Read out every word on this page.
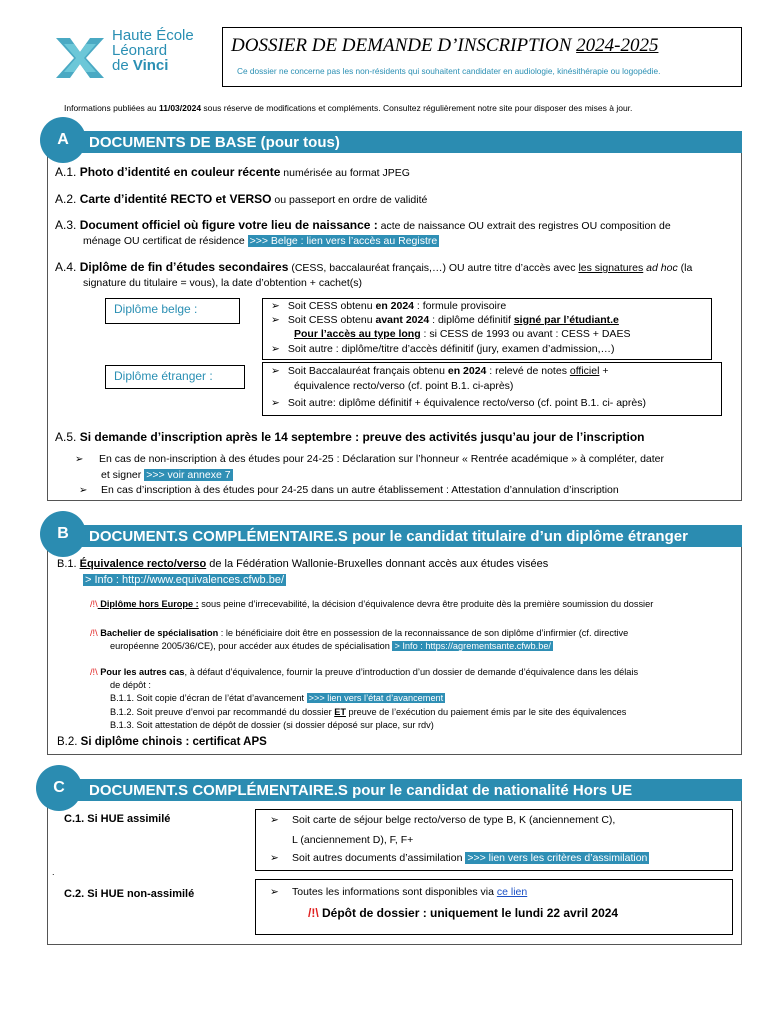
Haute École
Léonard
de Vinci
DOSSIER DE DEMANDE D’INSCRIPTION 2024-2025
Ce dossier ne concerne pas les non-résidents qui souhaitent candidater en audiologie, kinésithérapie ou logopédie.
Informations publiées au 11/03/2024 sous réserve de modifications et compléments. Consultez régulièrement notre site pour disposer des mises à jour.
DOCUMENTS DE BASE (pour tous)
A
A.1. Photo d’identité en couleur récente numérisée au format JPEG
A.2. Carte d’identité RECTO et VERSO ou passeport en ordre de validité
A.3. Document officiel où figure votre lieu de naissance : acte de naissance OU extrait des registres OU composition de
ménage OU certificat de résidence >>> Belge : lien vers l’accès au Registre
A.4. Diplôme de fin d’études secondaires (CESS, baccalauréat français,…) OU autre titre d’accès avec les signatures ad hoc (la
signature du titulaire = vous), la date d’obtention + cachet(s)
Diplôme belge :	➢ Soit CESS obtenu en 2024 : formule provisoire
➢ Soit CESS obtenu avant 2024 : diplôme définitif signé par l’étudiant.e
Pour l’accès au type long : si CESS de 1993 ou avant : CESS + DAES
➢ Soit autre : diplôme/titre d’accès définitif (jury, examen d’admission,…)
Diplôme étranger :	➢ Soit Baccalauréat français obtenu en 2024 : relevé de notes officiel +
équivalence recto/verso (cf. point B.1. ci-après)
➢ Soit autre: diplôme définitif + équivalence recto/verso (cf. point B.1. ci- après)
A.5. Si demande d’inscription après le 14 septembre : preuve des activités jusqu’au jour de l’inscription
➢ En cas de non-inscription à des études pour 24-25 : Déclaration sur l’honneur « Rentrée académique » à compléter, dater
et signer >>> voir annexe 7
➢ En cas d’inscription à des études pour 24-25 dans un autre établissement : Attestation d’annulation d’inscription
DOCUMENT.S COMPLÉMENTAIRE.S pour le candidat titulaire d’un diplôme étranger
B
B.1. Équivalence recto/verso de la Fédération Wallonie-Bruxelles donnant accès aux études visées
> Info : http://www.equivalences.cfwb.be/
/!\ Diplôme hors Europe : sous peine d’irrecevabilité, la décision d’équivalence devra être produite dès la première soumission du dossier
/!\ Bachelier de spécialisation : le bénéficiaire doit être en possession de la reconnaissance de son diplôme d’infirmier (cf. directive
européenne 2005/36/CE), pour accéder aux études de spécialisation > Info : https://agrementsante.cfwb.be/
/!\ Pour les autres cas, à défaut d’équivalence, fournir la preuve d’introduction d’un dossier de demande d’équivalence dans les délais
de dépôt :
B.1.1. Soit copie d’écran de l’état d’avancement >>> lien vers l’état d’avancement
B.1.2. Soit preuve d’envoi par recommandé du dossier ET preuve de l’exécution du paiement émis par le site des équivalences
B.1.3. Soit attestation de dépôt de dossier (si dossier déposé sur place, sur rdv)
B.2. Si diplôme chinois : certificat APS
DOCUMENT.S COMPLÉMENTAIRE.S pour le candidat de nationalité Hors UE
C
C.1. Si HUE assimilé	➢ Soit carte de séjour belge recto/verso de type B, K (anciennement C),
L (anciennement D), F, F+
➢ Soit autres documents d’assimilation >>> lien vers les critères d’assimilation
.
C.2. Si HUE non-assimilé	➢ Toutes les informations sont disponibles via ce lien
/!\ Dépôt de dossier : uniquement le lundi 22 avril 2024
